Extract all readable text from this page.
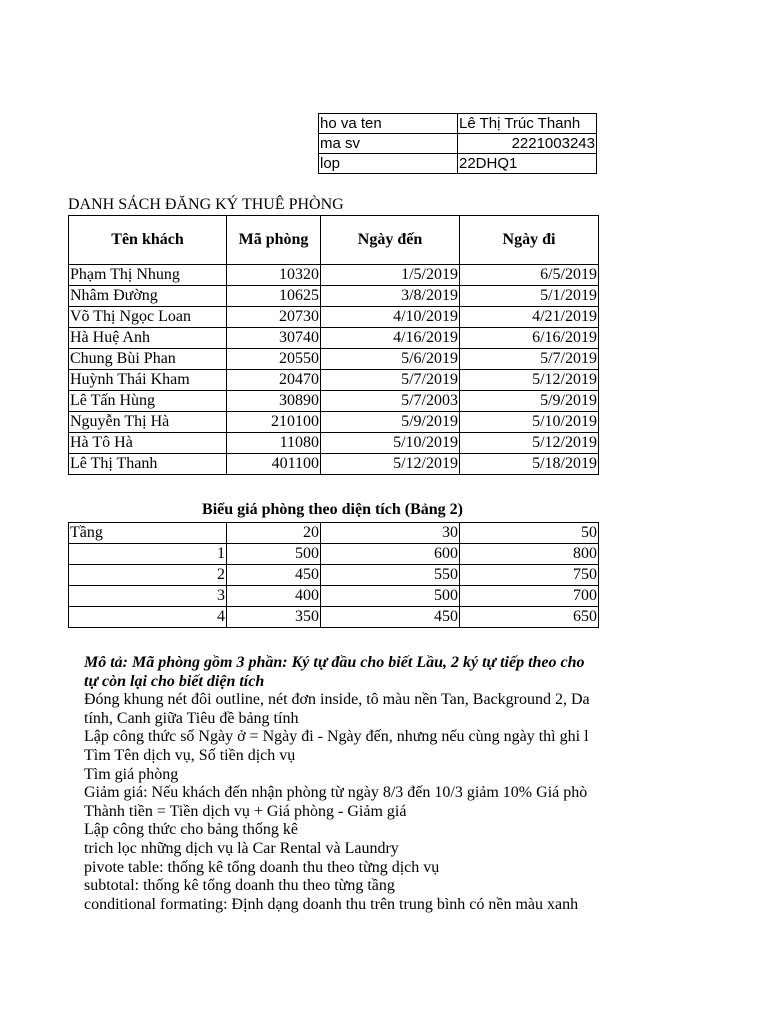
ho va ten	Lê Thị Trúc Thanh
ma sv	2221003243
lop	22DHQ1
DANH SÁCH ĐĂNG KÝ THUÊ PHÒNG
Tên khách	Mã phòng	Ngày đến	Ngày đi
Phạm Thị Nhung	10320	1/5/2019	6/5/2019
Nhâm Đường	10625	3/8/2019	5/1/2019
Võ Thị Ngọc Loan	20730	4/10/2019	4/21/2019
Hà Huệ Anh	30740	4/16/2019	6/16/2019
Chung Bùi Phan	20550	5/6/2019	5/7/2019
Huỳnh Thái Kham	20470	5/7/2019	5/12/2019
Lê Tấn Hùng	30890	5/7/2003	5/9/2019
Nguyễn Thị Hà	210100	5/9/2019	5/10/2019
Hà Tô Hà	11080	5/10/2019	5/12/2019
Lê Thị Thanh	401100	5/12/2019	5/18/2019
Biểu giá phòng theo diện tích (Bảng 2)
Tầng	20	30	50
1	500	600	800
2	450	550	750
3	400	500	700
4	350	450	650
Mô tả: Mã phòng gồm 3 phần: Ký tự đầu cho biết Lầu, 2 ký tự tiếp theo cho
tự còn lại cho biết diện tích
Đóng khung nét đôi outline, nét đơn inside, tô màu nền Tan, Background 2, Da
tính, Canh giữa Tiêu đề bảng tính
Lập công thức số Ngày ở = Ngày đi - Ngày đến, nhưng nếu cùng ngày thì ghi l
Tìm Tên dịch vụ, Số tiền dịch vụ
Tìm giá phòng
Giảm giá: Nếu khách đến nhận phòng từ ngày 8/3 đến 10/3 giảm 10% Giá phò
Thành tiền = Tiền dịch vụ + Giá phòng - Giảm giá
Lập công thức cho bảng thống kê
trich lọc những dịch vụ là Car Rental và Laundry
pivote table: thống kê tổng doanh thu theo từng dịch vụ
subtotal: thống kê tổng doanh thu theo từng tầng
conditional formating: Định dạng doanh thu trên trung bình có nền màu xanh
